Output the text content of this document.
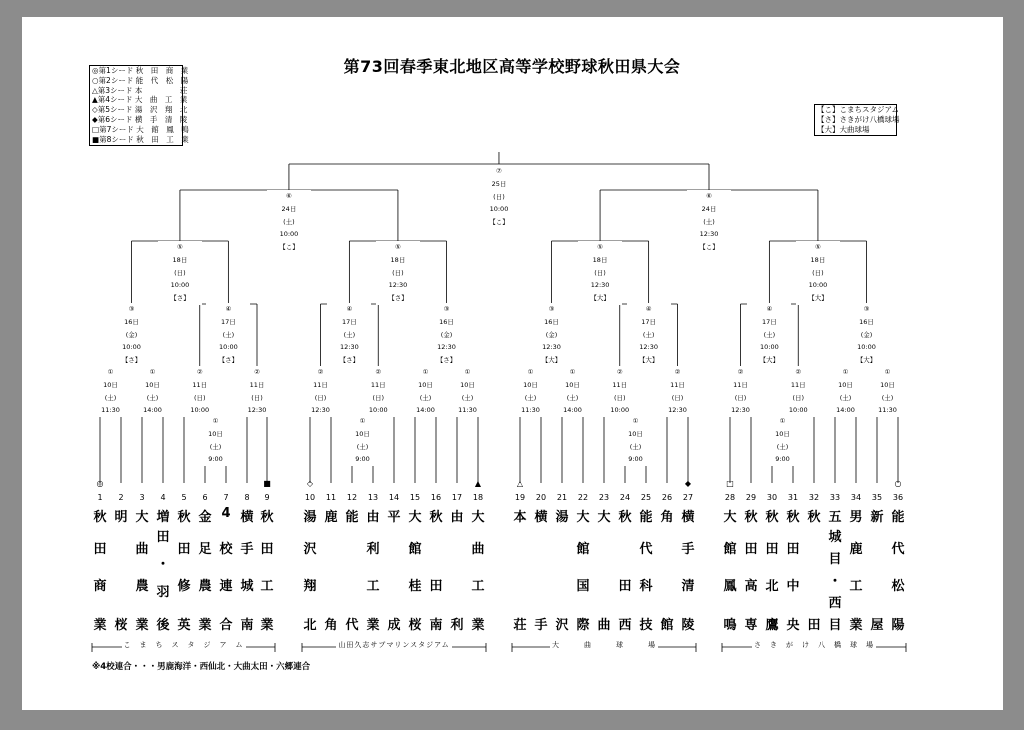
第73回春季東北地区高等学校野球秋田県大会
◎第1シード 秋　田　商　業
○第2シード 能　代　松　陽
△第3シード 本　　　　　荘
▲第4シード 大　曲　工　業
◇第5シード 湯　沢　翔　北
◆第6シード 横　手　清　陵
□第7シード 大　館　鳳　鳴
■第8シード 秋　田　工　業
【こ】こまちスタジアム
【さ】さきがけ八橋球場
【大】大曲球場
⑦
25日
(日)
10:00
【こ】
⑥
24日
(土)
10:00
【こ】
⑥
24日
(土)
12:30
【こ】
⑤
18日
(日)
10:00
【さ】
⑤
18日
(日)
12:30
【さ】
⑤
18日
(日)
12:30
【大】
⑤
18日
(日)
10:00
【大】
③
16日
(金)
10:00
【さ】
④
17日
(土)
10:00
【さ】
④
17日
(土)
12:30
【さ】
③
16日
(金)
12:30
【さ】
③
16日
(金)
12:30
【大】
④
17日
(土)
12:30
【大】
④
17日
(土)
10:00
【大】
③
16日
(金)
10:00
【大】
①
10日
(土)
11:30
①
10日
(土)
14:00
②
11日
(日)
10:00
②
11日
(日)
12:30
②
11日
(日)
12:30
②
11日
(日)
10:00
①
10日
(土)
14:00
①
10日
(土)
11:30
①
10日
(土)
11:30
①
10日
(土)
14:00
②
11日
(日)
10:00
②
11日
(日)
12:30
②
11日
(日)
12:30
②
11日
(日)
10:00
①
10日
(土)
14:00
①
10日
(土)
11:30
①
10日
(土)
9:00
①
10日
(土)
9:00
①
10日
(土)
9:00
①
10日
(土)
9:00
◎
1
秋
田
商
業
2
明
桜
3
大
曲
農
業
4
増
田
・
羽
後
5
秋
田
修
英
6
金
足
農
業
7
4
校
連
合
8
横
手
城
南
■
9
秋
田
工
業
◇
10
湯
沢
翔
北
11
鹿
角
12
能
代
13
由
利
工
業
14
平
成
15
大
館
桂
桜
16
秋
田
南
17
由
利
▲
18
大
曲
工
業
△
19
本
荘
20
横
手
21
湯
沢
22
大
館
国
際
23
大
曲
24
秋
田
西
25
能
代
科
技
26
角
館
◆
27
横
手
清
陵
□
28
大
館
鳳
鳴
29
秋
田
高
専
30
秋
田
北
鷹
31
秋
田
中
央
32
秋
田
33
五
城
目
・
西
目
34
男
鹿
工
業
35
新
屋
○
36
能
代
松
陽
こ　ま　ち　ス　タ　ジ　ア　ム	山田久志サブマリンスタジアム	大　　　曲　　　球　　　場	さ　き　が　け　八　橋　球　場
※4校連合・・・男鹿海洋・西仙北・大曲太田・六郷連合
